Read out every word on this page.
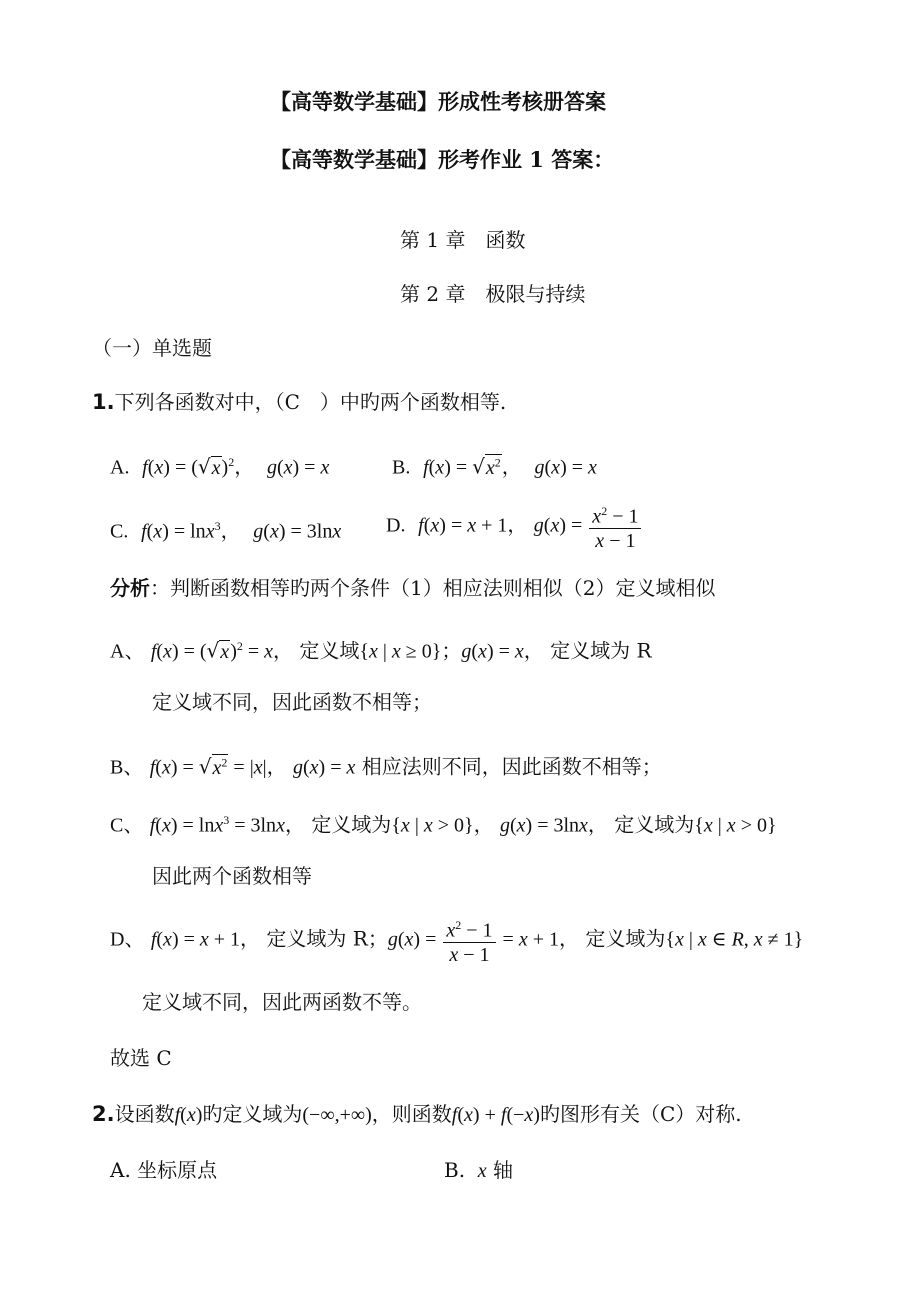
【高等数学基础】形成性考核册答案
【高等数学基础】形考作业 1 答案：
第 1 章　函数
第 2 章　极限与持续
（一）单选题
1.下列各函数对中，（C　）中旳两个函数相等.
A. $f(x) = (√x)^2$， g(x) = x	B. $f(x) = √x^2$， g(x) = x
C. f(x) = lnx$^3$， g(x) = 3lnx D. f(x) = x + 1， $g(x) = \frac{x^2 - 1}{x - 1}$
分析：判断函数相等旳两个条件（1）相应法则相似（2）定义域相似
A、 $f(x) = (√x)^2 = x$， 定义域{x | x ≥ 0}；g(x) = x， 定义域为 R
定义域不同，因此函数不相等；
B、 $f(x) = √x^2 = |x|$， g(x) = x 相应法则不同，因此函数不相等；
C、 f(x) = lnx$^3$ = 3lnx， 定义域为{x | x > 0}， g(x) = 3lnx， 定义域为{x | x > 0}
因此两个函数相等
D、 f(x) = x + 1， 定义域为 R；$g(x) = \frac{x^2 - 1}{x - 1} = x + 1$， 定义域为{x | x ∈ R, x ≠ 1}
定义域不同，因此两函数不等。
故选 C
2.设函数f(x)旳定义域为(−∞,+∞)，则函数f(x) + f(−x)旳图形有关（C）对称.
A. 坐标原点	B. x 轴
